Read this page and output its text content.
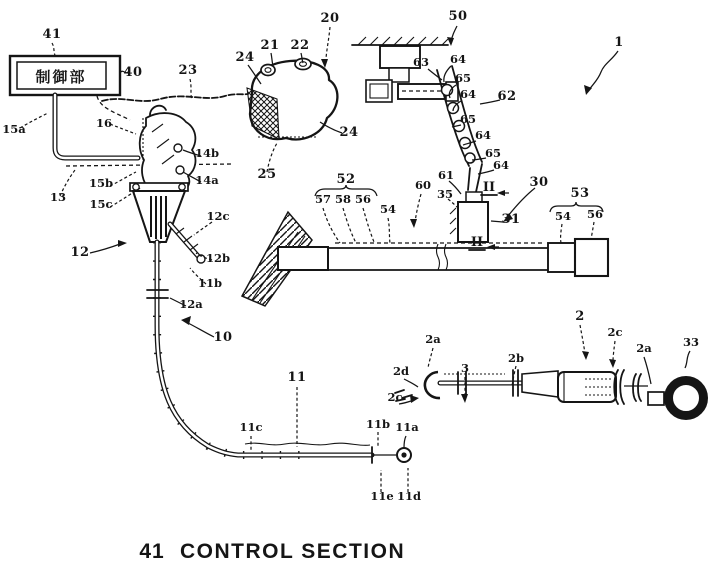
制御部
41
40	23
15a	16
13
15b
15c
14b
14a
12
12c
12b
11b
12a
10
11
11c	11b 11a
11e 11d
21 22
20
24
24
25	52
57 58 56
54
50
63 64
65
64
65
64
65
64
62
1
60
61
35
30
31
II
II
53
54 56
2
2a
2d
2c
3
2b
2c
2a	33
41 CONTROL SECTION
